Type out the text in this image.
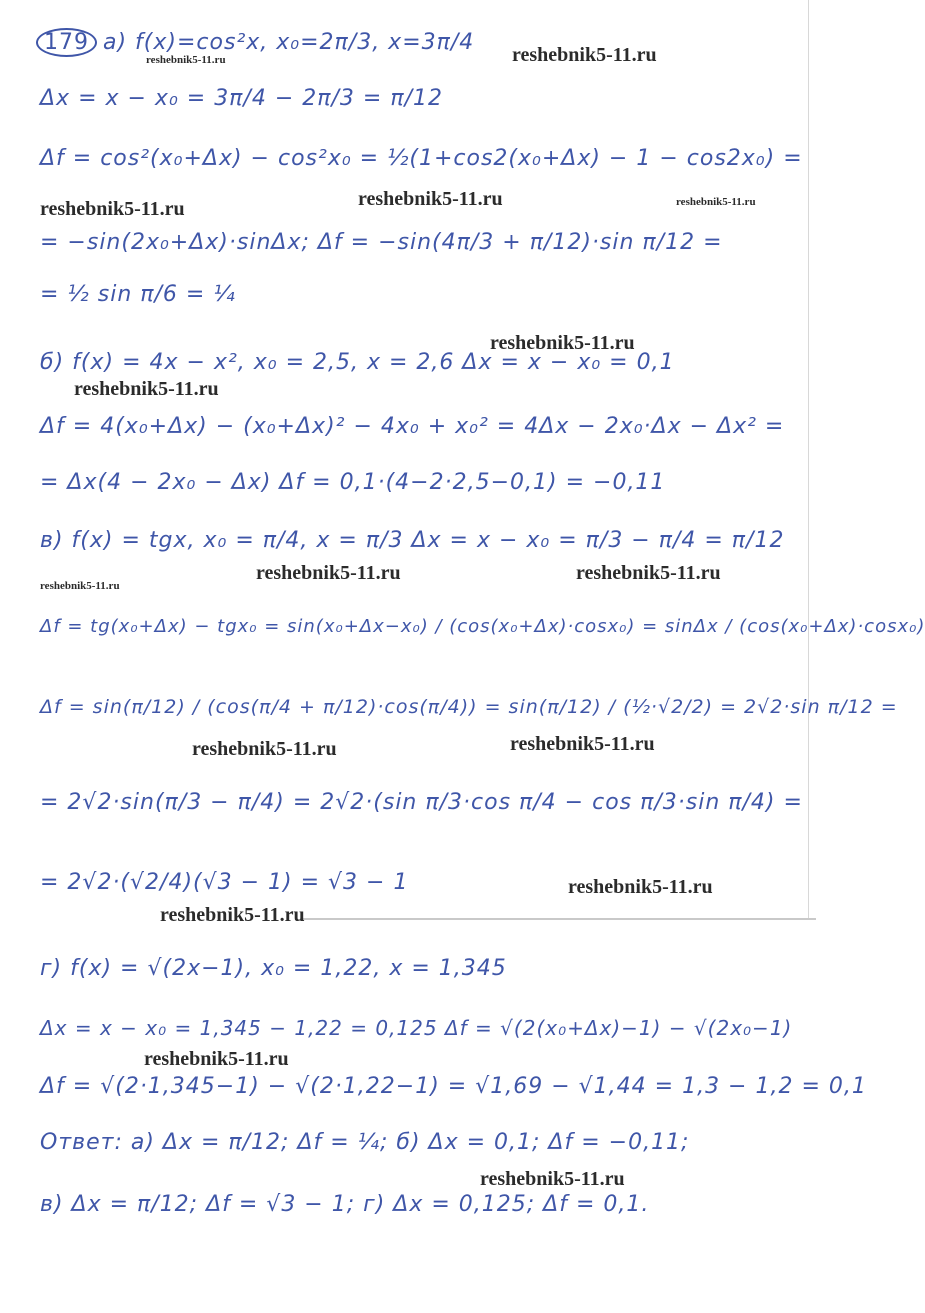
179 а) f(x)=cos²x, x₀=2π/3, x=3π/4
Δx = x − x₀ = 3π/4 − 2π/3 = π/12
Δf = cos²(x₀+Δx) − cos²x₀ = ½(1+cos2(x₀+Δx) − 1 − cos2x₀) =
= −sin(2x₀+Δx)·sinΔx; Δf = −sin(4π/3 + π/12)·sin π/12 =
= ½ sin π/6 = ¼
б) f(x) = 4x − x², x₀ = 2,5, x = 2,6 Δx = x − x₀ = 0,1
Δf = 4(x₀+Δx) − (x₀+Δx)² − 4x₀ + x₀² = 4Δx − 2x₀·Δx − Δx² =
= Δx(4 − 2x₀ − Δx) Δf = 0,1·(4−2·2,5−0,1) = −0,11
в) f(x) = tgx, x₀ = π/4, x = π/3 Δx = x − x₀ = π/3 − π/4 = π/12
Δf = tg(x₀+Δx) − tgx₀ = sin(x₀+Δx−x₀) / (cos(x₀+Δx)·cosx₀) = sinΔx / (cos(x₀+Δx)·cosx₀)
Δf = sin(π/12) / (cos(π/4 + π/12)·cos(π/4)) = sin(π/12) / (½·√2/2) = 2√2·sin π/12 =
= 2√2·sin(π/3 − π/4) = 2√2·(sin π/3·cos π/4 − cos π/3·sin π/4) =
= 2√2·(√2/4)(√3 − 1) = √3 − 1
г) f(x) = √(2x−1), x₀ = 1,22, x = 1,345
Δx = x − x₀ = 1,345 − 1,22 = 0,125 Δf = √(2(x₀+Δx)−1) − √(2x₀−1)
Δf = √(2·1,345−1) − √(2·1,22−1) = √1,69 − √1,44 = 1,3 − 1,2 = 0,1
Ответ: а) Δx = π/12; Δf = ¼; б) Δx = 0,1; Δf = −0,11;
в) Δx = π/12; Δf = √3 − 1; г) Δx = 0,125; Δf = 0,1.
reshebnik5-11.ru
reshebnik5-11.ru
reshebnik5-11.ru	reshebnik5-11.ru	reshebnik5-11.ru
reshebnik5-11.ru
reshebnik5-11.ru
reshebnik5-11.ru
reshebnik5-11.ru	reshebnik5-11.ru
reshebnik5-11.ru	reshebnik5-11.ru
reshebnik5-11.ru
reshebnik5-11.ru
reshebnik5-11.ru
reshebnik5-11.ru
